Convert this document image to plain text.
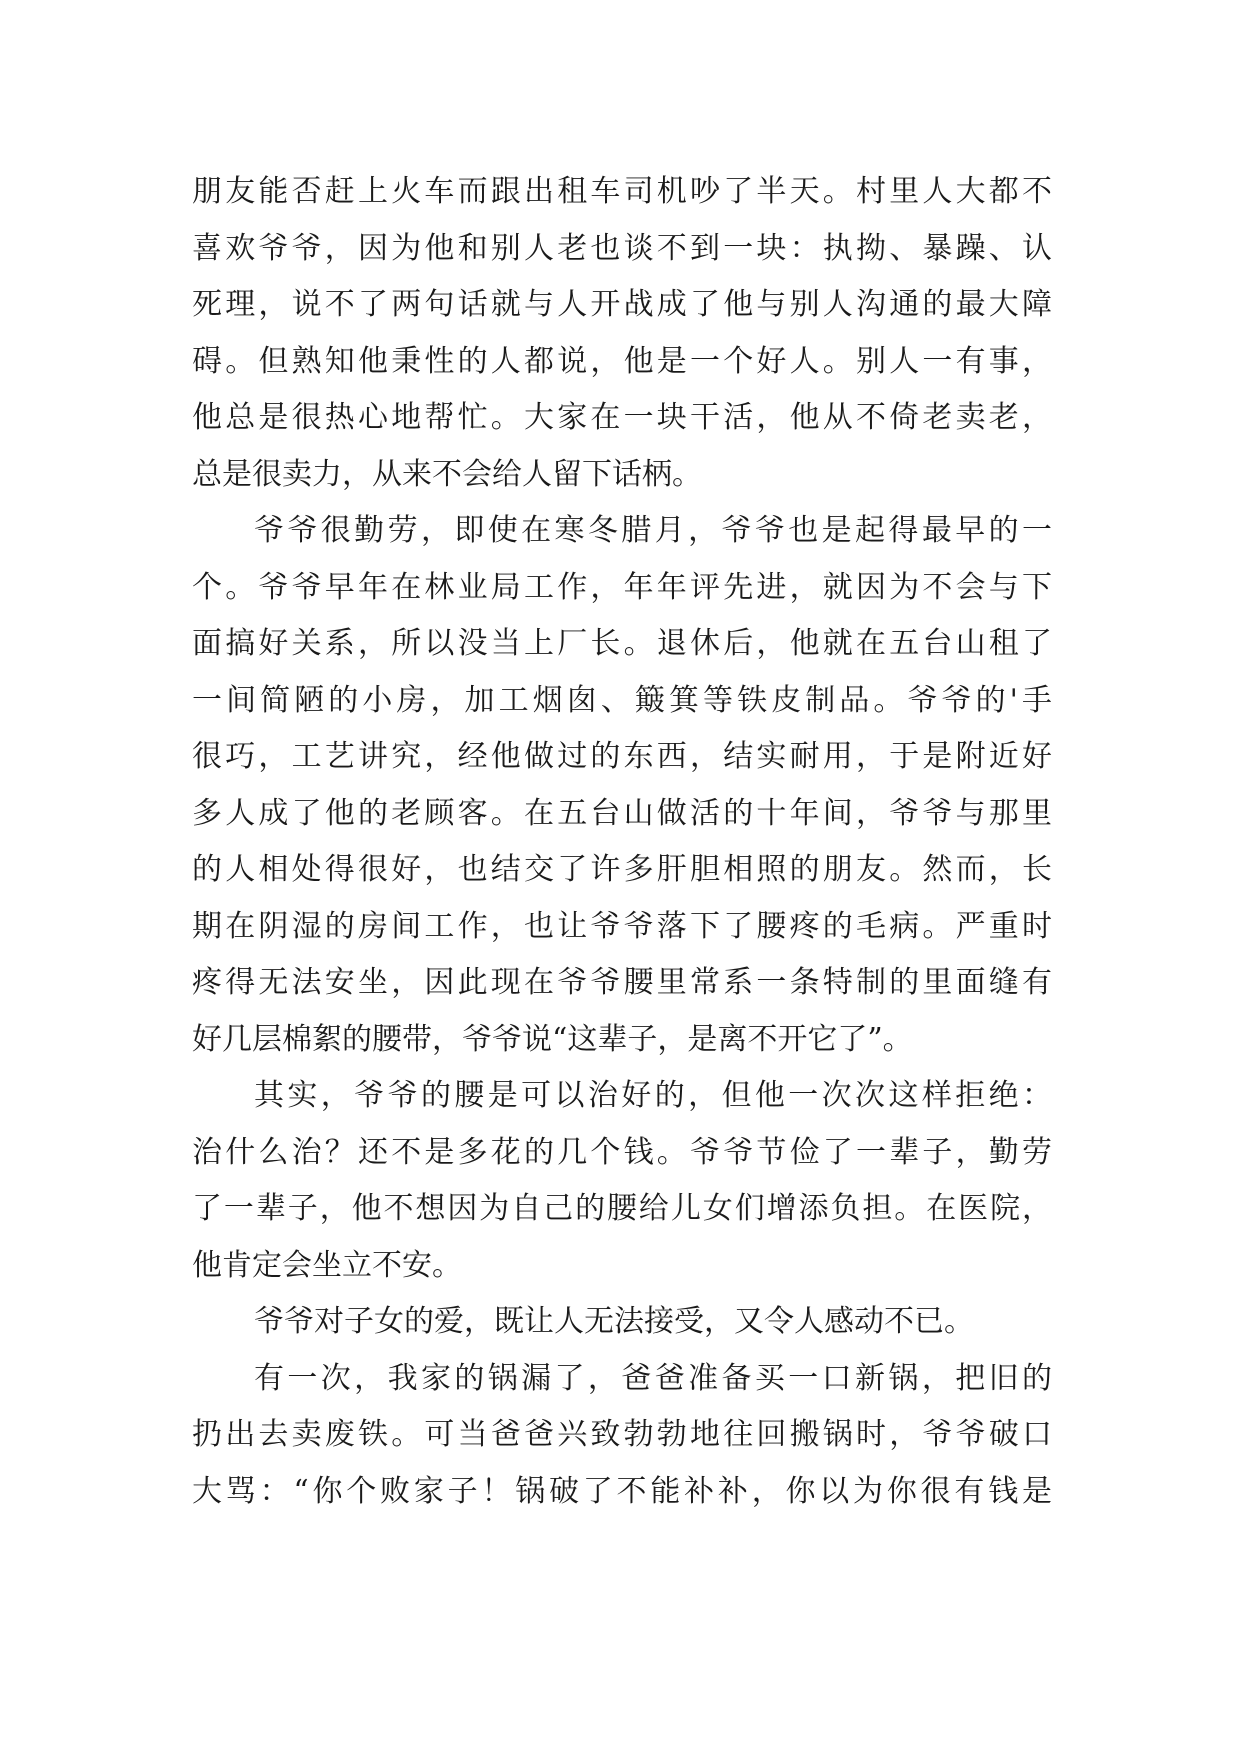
朋友能否赶上火车而跟出租车司机吵了半天。村里人大都不
喜欢爷爷，因为他和别人老也谈不到一块：执拗、暴躁、认
死理，说不了两句话就与人开战成了他与别人沟通的最大障
碍。但熟知他秉性的人都说，他是一个好人。别人一有事，
他总是很热心地帮忙。大家在一块干活，他从不倚老卖老，
总是很卖力，从来不会给人留下话柄。
爷爷很勤劳，即使在寒冬腊月，爷爷也是起得最早的一
个。爷爷早年在林业局工作，年年评先进，就因为不会与下
面搞好关系，所以没当上厂长。退休后，他就在五台山租了
一间简陋的小房，加工烟囱、簸箕等铁皮制品。爷爷的'手
很巧，工艺讲究，经他做过的东西，结实耐用，于是附近好
多人成了他的老顾客。在五台山做活的十年间，爷爷与那里
的人相处得很好，也结交了许多肝胆相照的朋友。然而，长
期在阴湿的房间工作，也让爷爷落下了腰疼的毛病。严重时
疼得无法安坐，因此现在爷爷腰里常系一条特制的里面缝有
好几层棉絮的腰带，爷爷说“这辈子，是离不开它了”。
其实，爷爷的腰是可以治好的，但他一次次这样拒绝：
治什么治？还不是多花的几个钱。爷爷节俭了一辈子，勤劳
了一辈子，他不想因为自己的腰给儿女们增添负担。在医院，
他肯定会坐立不安。
爷爷对子女的爱，既让人无法接受，又令人感动不已。
有一次，我家的锅漏了，爸爸准备买一口新锅，把旧的
扔出去卖废铁。可当爸爸兴致勃勃地往回搬锅时，爷爷破口
大骂：“你个败家子！锅破了不能补补，你以为你很有钱是
